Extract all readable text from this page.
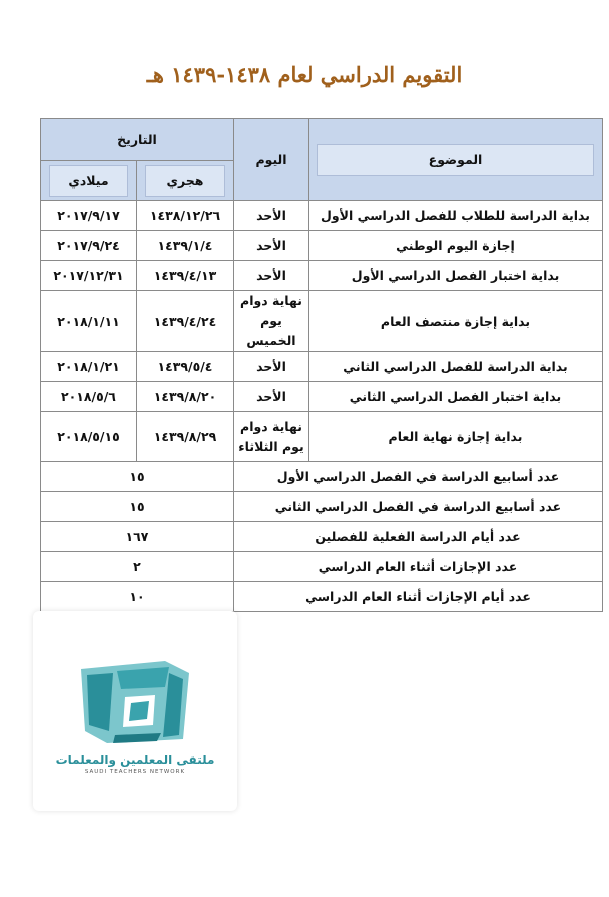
التقويم الدراسي لعام ١٤٣٨-١٤٣٩ هـ
الموضوع	اليوم	التاريخ	

		هجري	ميلادي

بداية الدراسة للطلاب للفصل الدراسي الأول	الأحد	١٤٣٨/١٢/٢٦	٢٠١٧/٩/١٧
إجازة اليوم الوطني	الأحد	١٤٣٩/١/٤	٢٠١٧/٩/٢٤
بداية اختبار الفصل الدراسي الأول	الأحد	١٤٣٩/٤/١٣	٢٠١٧/١٢/٣١
بداية إجازة منتصف العام	نهاية دوام يوم الخميس	١٤٣٩/٤/٢٤	٢٠١٨/١/١١
بداية الدراسة للفصل الدراسي الثاني	الأحد	١٤٣٩/٥/٤	٢٠١٨/١/٢١
بداية اختبار الفصل الدراسي الثاني	الأحد	١٤٣٩/٨/٢٠	٢٠١٨/٥/٦
بداية إجازة نهاية العام	نهاية دوام يوم الثلاثاء	١٤٣٩/٨/٢٩	٢٠١٨/٥/١٥
عدد أسابيع الدراسة في الفصل الدراسي الأول		١٥	
عدد أسابيع الدراسة في الفصل الدراسي الثاني		١٥	
عدد أيام الدراسة الفعلية للفصلين		١٦٧	
عدد الإجازات أثناء العام الدراسي		٢	
عدد أيام الإجازات أثناء العام الدراسي		١٠	
ملتقى المعلمين والمعلمات
SAUDI TEACHERS NETWORK
